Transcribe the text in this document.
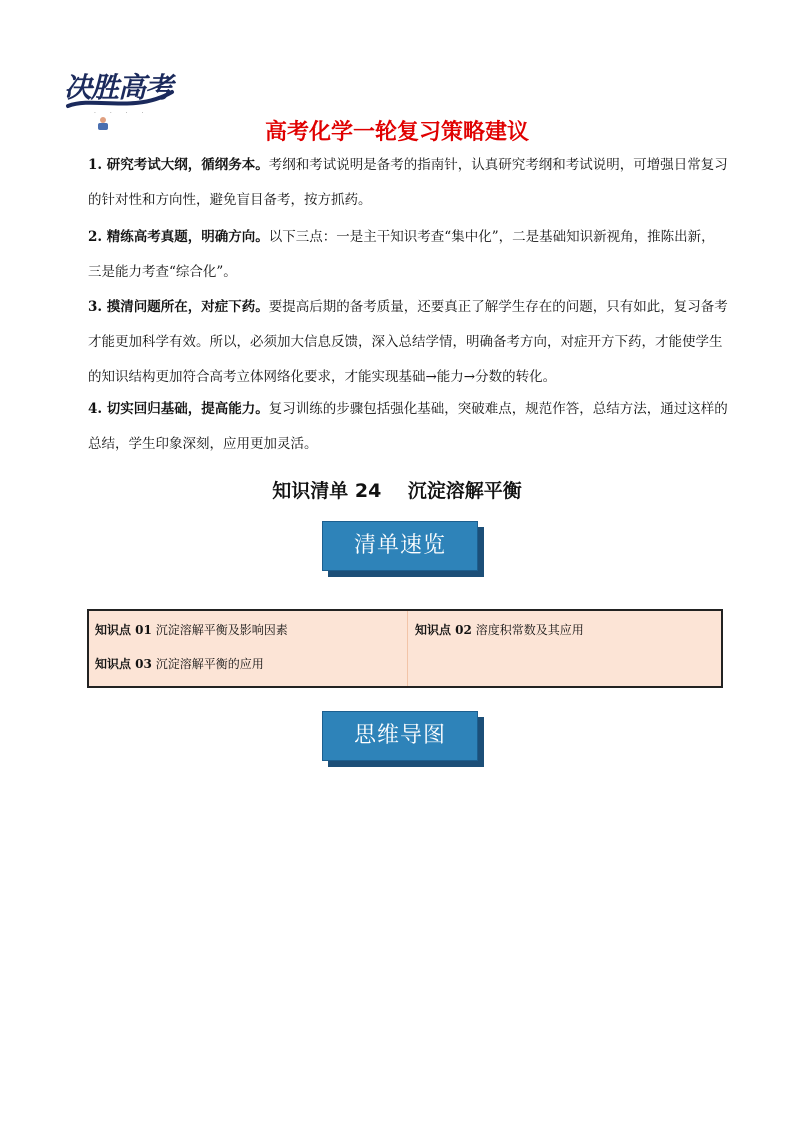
决胜高考
· · · ·
高考化学一轮复习策略建议
1. 研究考试大纲，循纲务本。考纲和考试说明是备考的指南针，认真研究考纲和考试说明，可增强日常复习的针对性和方向性，避免盲目备考，按方抓药。
2. 精练高考真题，明确方向。以下三点：一是主干知识考查“集中化”，二是基础知识新视角，推陈出新，三是能力考查“综合化”。
3. 摸清问题所在，对症下药。要提高后期的备考质量，还要真正了解学生存在的问题，只有如此，复习备考才能更加科学有效。所以，必须加大信息反馈，深入总结学情，明确备考方向，对症开方下药，才能使学生的知识结构更加符合高考立体网络化要求，才能实现基础→能力→分数的转化。
4. 切实回归基础，提高能力。复习训练的步骤包括强化基础，突破难点，规范作答，总结方法，通过这样的总结，学生印象深刻，应用更加灵活。
知识清单 24    沉淀溶解平衡
清单速览
知识点 01 沉淀溶解平衡及影响因素	知识点 02 溶度积常数及其应用
知识点 03 沉淀溶解平衡的应用
思维导图
